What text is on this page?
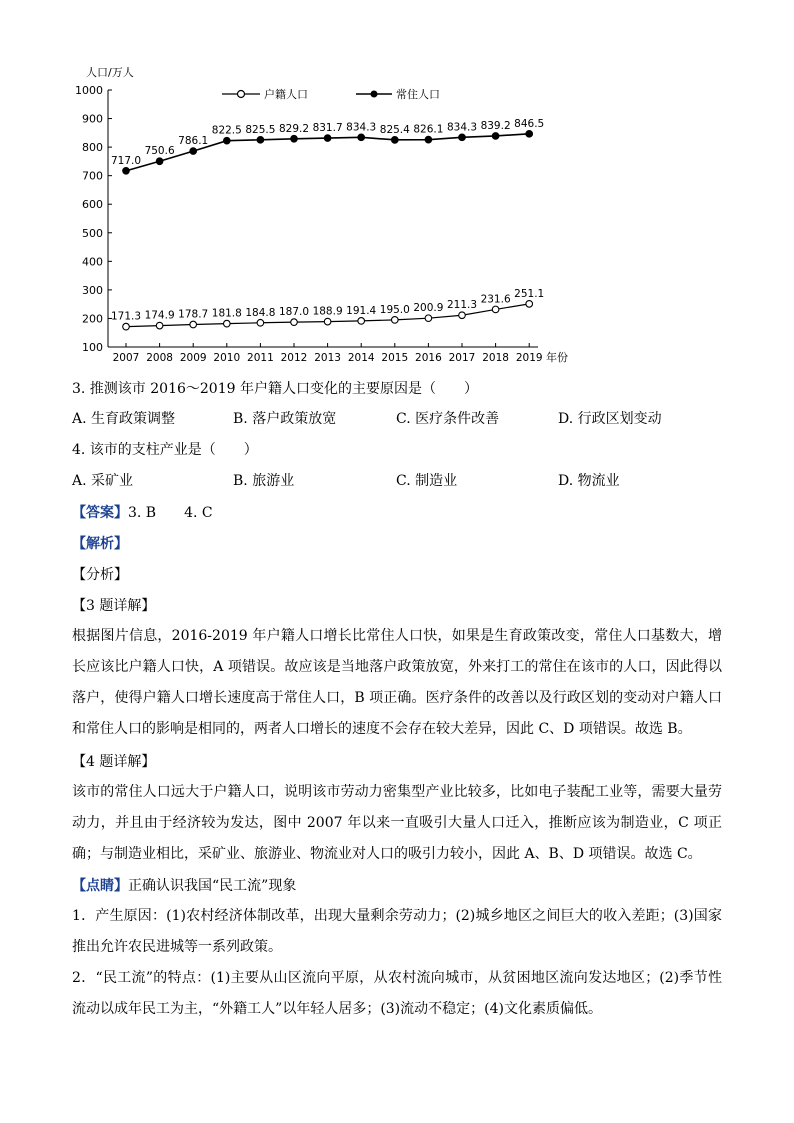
人口/万人
100
200
300
400
500
600
700
800
900
1000
2007 2008 2009 2010 2011 2012 2013 2014 2015 2016 2017 2018 2019 年份
户籍人口	常住人口
171.3 174.9 178.7 181.8 184.8 187.0 188.9 191.4 195.0 200.9 211.3 231.6 251.1
717.0
750.6
786.1
822.5 825.5 829.2 831.7 834.3 825.4 826.1 834.3 839.2 846.5
3. 推测该市 2016～2019 年户籍人口变化的主要原因是（　　）
A. 生育政策调整	B. 落户政策放宽	C. 医疗条件改善	D. 行政区划变动
4. 该市的支柱产业是（　　）
A. 采矿业	B. 旅游业	C. 制造业	D. 物流业
【答案】3. B　　4. C
【解析】
【分析】
【3 题详解】
根据图片信息，2016-2019 年户籍人口增长比常住人口快，如果是生育政策改变，常住人口基数大，增长应该比户籍人口快，A 项错误。故应该是当地落户政策放宽，外来打工的常住在该市的人口，因此得以落户，使得户籍人口增长速度高于常住人口，B 项正确。医疗条件的改善以及行政区划的变动对户籍人口和常住人口的影响是相同的，两者人口增长的速度不会存在较大差异，因此 C、D 项错误。故选 B。
【4 题详解】
该市的常住人口远大于户籍人口，说明该市劳动力密集型产业比较多，比如电子装配工业等，需要大量劳动力，并且由于经济较为发达，图中 2007 年以来一直吸引大量人口迁入，推断应该为制造业，C 项正确；与制造业相比，采矿业、旅游业、物流业对人口的吸引力较小，因此 A、B、D 项错误。故选 C。
【点睛】正确认识我国“民工流”现象
1．产生原因：(1)农村经济体制改革，出现大量剩余劳动力；(2)城乡地区之间巨大的收入差距；(3)国家推出允许农民进城等一系列政策。
2．“民工流”的特点：(1)主要从山区流向平原，从农村流向城市，从贫困地区流向发达地区；(2)季节性流动以成年民工为主，“外籍工人”以年轻人居多；(3)流动不稳定；(4)文化素质偏低。
